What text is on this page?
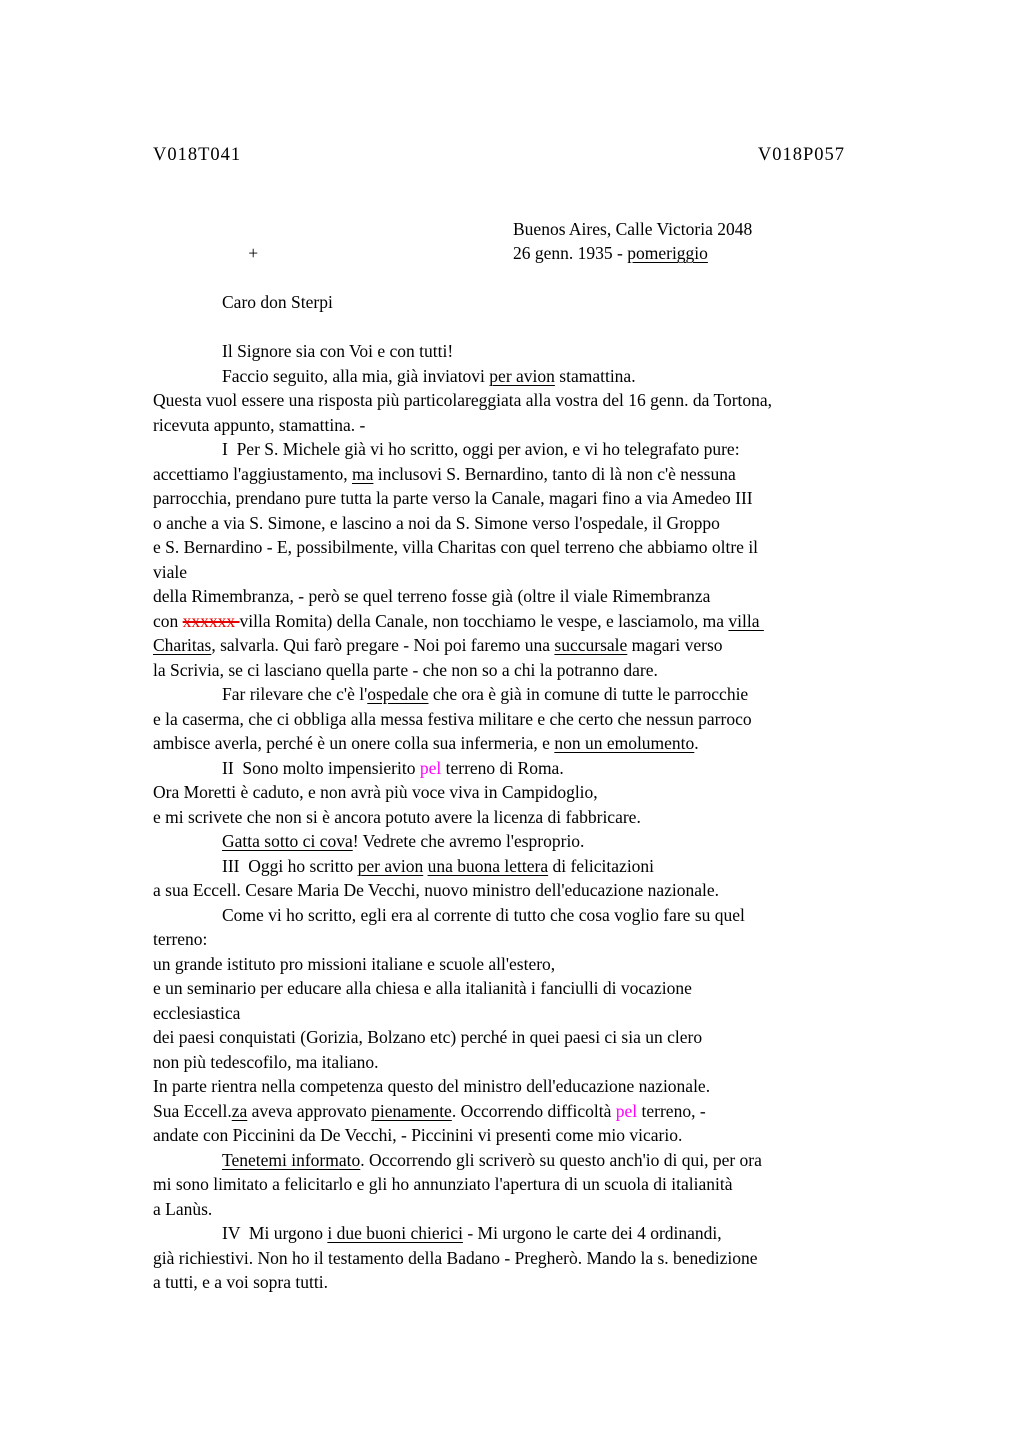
V018T041	V018P057

+

Buenos Aires, Calle Victoria 2048

26 genn. 1935 - pomeriggio

Caro don Sterpi
Il Signore sia con Voi e con tutti!
Faccio seguito, alla mia, già inviatovi per avion stamattina.
Questa vuol essere una risposta più particolareggiata alla vostra del 16 genn. da Tortona,
ricevuta appunto, stamattina. -
I  Per S. Michele già vi ho scritto, oggi per avion, e vi ho telegrafato pure:
accettiamo l'aggiustamento, ma inclusovi S. Bernardino, tanto di là non c'è nessuna
parrocchia, prendano pure tutta la parte verso la Canale, magari fino a via Amedeo III
o anche a via S. Simone, e lascino a noi da S. Simone verso l'ospedale, il Groppo
e S. Bernardino - E, possibilmente, villa Charitas con quel terreno che abbiamo oltre il
viale
della Rimembranza, - però se quel terreno fosse già (oltre il viale Rimembranza
con xxxxxx villa Romita) della Canale, non tocchiamo le vespe, e lasciamolo, ma villa
Charitas, salvarla. Qui farò pregare - Noi poi faremo una succursale magari verso
la Scrivia, se ci lasciano quella parte - che non so a chi la potranno dare.
Far rilevare che c'è l'ospedale che ora è già in comune di tutte le parrocchie
e la caserma, che ci obbliga alla messa festiva militare e che certo che nessun parroco
ambisce averla, perché è un onere colla sua infermeria, e non un emolumento.
II  Sono molto impensierito pel terreno di Roma.
Ora Moretti è caduto, e non avrà più voce viva in Campidoglio,
e mi scrivete che non si è ancora potuto avere la licenza di fabbricare.
Gatta sotto ci cova! Vedrete che avremo l'esproprio.
III  Oggi ho scritto per avion una buona lettera di felicitazioni
a sua Eccell. Cesare Maria De Vecchi, nuovo ministro dell'educazione nazionale.
Come vi ho scritto, egli era al corrente di tutto che cosa voglio fare su quel
terreno:
un grande istituto pro missioni italiane e scuole all'estero,
e un seminario per educare alla chiesa e alla italianità i fanciulli di vocazione
ecclesiastica
dei paesi conquistati (Gorizia, Bolzano etc) perché in quei paesi ci sia un clero
non più tedescofilo, ma italiano.
In parte rientra nella competenza questo del ministro dell'educazione nazionale.
Sua Eccell.za aveva approvato pienamente. Occorrendo difficoltà pel terreno, -
andate con Piccinini da De Vecchi, - Piccinini vi presenti come mio vicario.
Tenetemi informato. Occorrendo gli scriverò su questo anch'io di qui, per ora
mi sono limitato a felicitarlo e gli ho annunziato l'apertura di un scuola di italianità
a Lanùs.
IV  Mi urgono i due buoni chierici - Mi urgono le carte dei 4 ordinandi,
già richiestivi. Non ho il testamento della Badano - Pregherò. Mando la s. benedizione
a tutti, e a voi sopra tutti.
